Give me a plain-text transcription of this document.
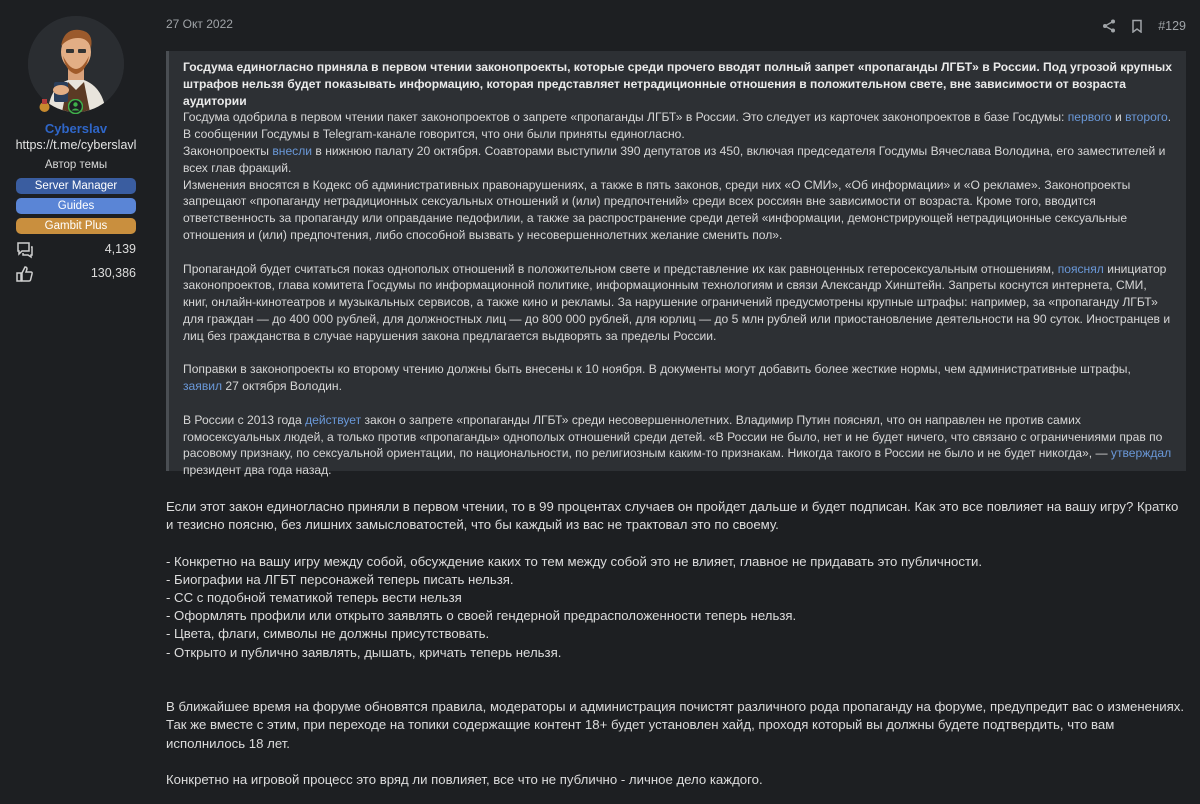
Cyberslav
https://t.me/cyberslavl
Автор темы
Server Manager
Guides
Gambit Plus
4,139
130,386
27 Окт 2022	#129

Госдума единогласно приняла в первом чтении законопроекты, которые среди прочего вводят полный запрет «пропаганды ЛГБТ» в России. Под угрозой крупных штрафов нельзя будет показывать информацию, которая представляет нетрадиционные отношения в положительном свете, вне зависимости от возраста аудитории

Госдума одобрила в первом чтении пакет законопроектов о запрете «пропаганды ЛГБТ» в России. Это следует из карточек законопроектов в базе Госдумы: первого и второго.

В сообщении Госдумы в Telegram-канале говорится, что они были приняты единогласно.

Законопроекты внесли в нижнюю палату 20 октября. Соавторами выступили 390 депутатов из 450, включая председателя Госдумы Вячеслава Володина, его заместителей и всех глав фракций.

Изменения вносятся в Кодекс об административных правонарушениях, а также в пять законов, среди них «О СМИ», «Об информации» и «О рекламе». Законопроекты запрещают «пропаганду нетрадиционных сексуальных отношений и (или) предпочтений» среди всех россиян вне зависимости от возраста. Кроме того, вводится ответственность за пропаганду или оправдание педофилии, а также за распространение среди детей «информации, демонстрирующей нетрадиционные сексуальные отношения и (или) предпочтения, либо способной вызвать у несовершеннолетних желание сменить пол».

Пропагандой будет считаться показ однополых отношений в положительном свете и представление их как равноценных гетеросексуальным отношениям, пояснял инициатор законопроектов, глава комитета Госдумы по информационной политике, информационным технологиям и связи Александр Хинштейн. Запреты коснутся интернета, СМИ, книг, онлайн-кинотеатров и музыкальных сервисов, а также кино и рекламы. За нарушение ограничений предусмотрены крупные штрафы: например, за «пропаганду ЛГБТ» для граждан — до 400 000 рублей, для должностных лиц — до 800 000 рублей, для юрлиц — до 5 млн рублей или приостановление деятельности на 90 суток. Иностранцев и лиц без гражданства в случае нарушения закона предлагается выдворять за пределы России.

Поправки в законопроекты ко второму чтению должны быть внесены к 10 ноября. В документы могут добавить более жесткие нормы, чем административные штрафы, заявил 27 октября Володин.

В России с 2013 года действует закон о запрете «пропаганды ЛГБТ» среди несовершеннолетних. Владимир Путин пояснял, что он направлен не против самих гомосексуальных людей, а только против «пропаганды» однополых отношений среди детей. «В России не было, нет и не будет ничего, что связано с ограничениями прав по расовому признаку, по сексуальной ориентации, по национальности, по религиозным каким-то признакам. Никогда такого в России не было и не будет никогда», — утверждал президент два года назад.

Если этот закон единогласно приняли в первом чтении, то в 99 процентах случаев он пройдет дальше и будет подписан. Как это все повлияет на вашу игру? Кратко и тезисно поясню, без лишних замысловатостей, что бы каждый из вас не трактовал это по своему.

- Конкретно на вашу игру между собой, обсуждение каких то тем между собой это не влияет, главное не придавать это публичности.

- Биографии на ЛГБТ персонажей теперь писать нельзя.

- СС с подобной тематикой теперь вести нельзя

- Оформлять профили или открыто заявлять о своей гендерной предрасположенности теперь нельзя.

- Цвета, флаги, символы не должны присутствовать.

- Открыто и публично заявлять, дышать, кричать теперь нельзя.

В ближайшее время на форуме обновятся правила, модераторы и администрация почистят различного рода пропаганду на форуме, предупредит вас о изменениях. Так же вместе с этим, при переходе на топики содержащие контент 18+ будет установлен хайд, проходя который вы должны будете подтвердить, что вам исполнилось 18 лет.

Конкретно на игровой процесс это вряд ли повлияет, все что не публично - личное дело каждого.
